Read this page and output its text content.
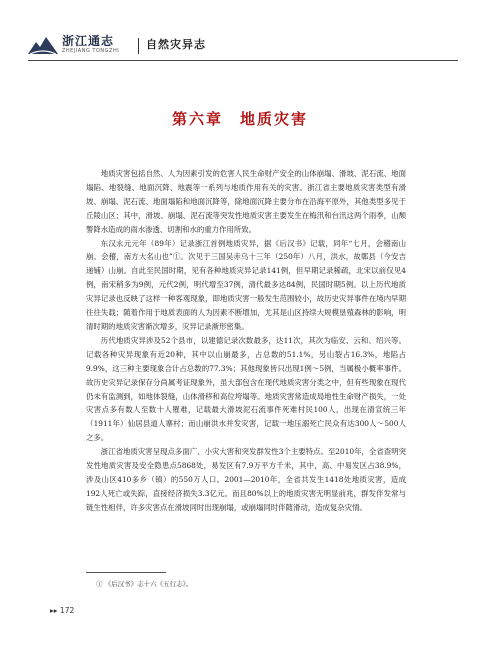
浙江通志
ZHEJIANG TONGZHI 自然灾异志
第六章　地质灾害

地质灾害包括自然、人为因素引发的危害人民生命财产安全的山体崩塌、滑坡、泥石流、地面塌陷、地裂缝、地面沉降、地震等一系列与地质作用有关的灾害。浙江省主要地质灾害类型有滑坡、崩塌、泥石流、地面塌陷和地面沉降等，除地面沉降主要分布在沿海平原外，其他类型多见于丘陵山区；其中，滑坡、崩塌、泥石流等突发性地质灾害主要发生在梅汛和台汛这两个雨季，山颓警降水造成的雨水渗透、切割和水的重力作用所致。

东汉永元元年（89年）记录浙江首例地质灾异，据《后汉书》记载，同年“七月，会稽南山崩。会稽，南方大名山也”①。次见于三国吴赤乌十三年（250年）八月，洪水，故鄣县（今安吉递铺）山崩。自此至民国时期，见有各种地质灾异记录141例，但早期记录稀疏，北宋以前仅见4例，南宋稍多为9例，元代2例，明代增至37例，清代最多达84例，民国时期5例。以上历代地质灾异记录也反映了这样一种客观现象，即地质灾害一般发生范围较小，故历史灾异事件在境内早期往往失载；随着作用于地质表面的人为因素不断增加，尤其是山区持续大规模垦殖森林的影响，明清时期的地质灾害渐次增多，灾异记录渐形密集。

历代地质灾异涉及52个县市，以建德记录次数最多，达11次，其次为临安、云和、绍兴等。记载各种灾异现象有近20种，其中以山崩最多，占总数的51.1%，另山裂占16.3%，地陷占9.9%，这三种主要现象合计占总数的77.3%；其他现象皆只出现1例～5例，当属极小概率事件。故历史灾异记录保存分尚属考证现象外，虽大部包含在现代地质灾害分类之中，但有些现象在现代仍未有监测到，如地体裂缝，山体滑移和高位垮塌等。地质灾害常造成局地性生命财产损失，一处灾害点多有数人至数十人罹难，记载最大滑坡泥石流事件死难村民100人，出现在清宣统三年（1911年）仙居县道人寨村；而山崩洪水并发灾害，记载一地压溺死亡民众有达300人～500人之多。

浙江省地质灾害呈现点多面广、小灾大害和突发群发性3个主要特点。至2010年，全省查明突发性地质灾害及安全隐患点5868处，易发区有7.9万平方千米，其中，高、中易发区占38.9%，涉及山区410多乡（镇）的550万人口。2001—2010年，全省共发生1418处地质灾害，造成192人死亡或失踪，直接经济损失3.3亿元。而且80%以上的地质灾害无明显前兆，群发伴发常与链生性相伴，许多灾害点在滑坡同时出现崩塌，或崩塌同时伴随滑动，造成复杂灾情。

① 《后汉书》志十六《五行志》。
▸▸ 172
